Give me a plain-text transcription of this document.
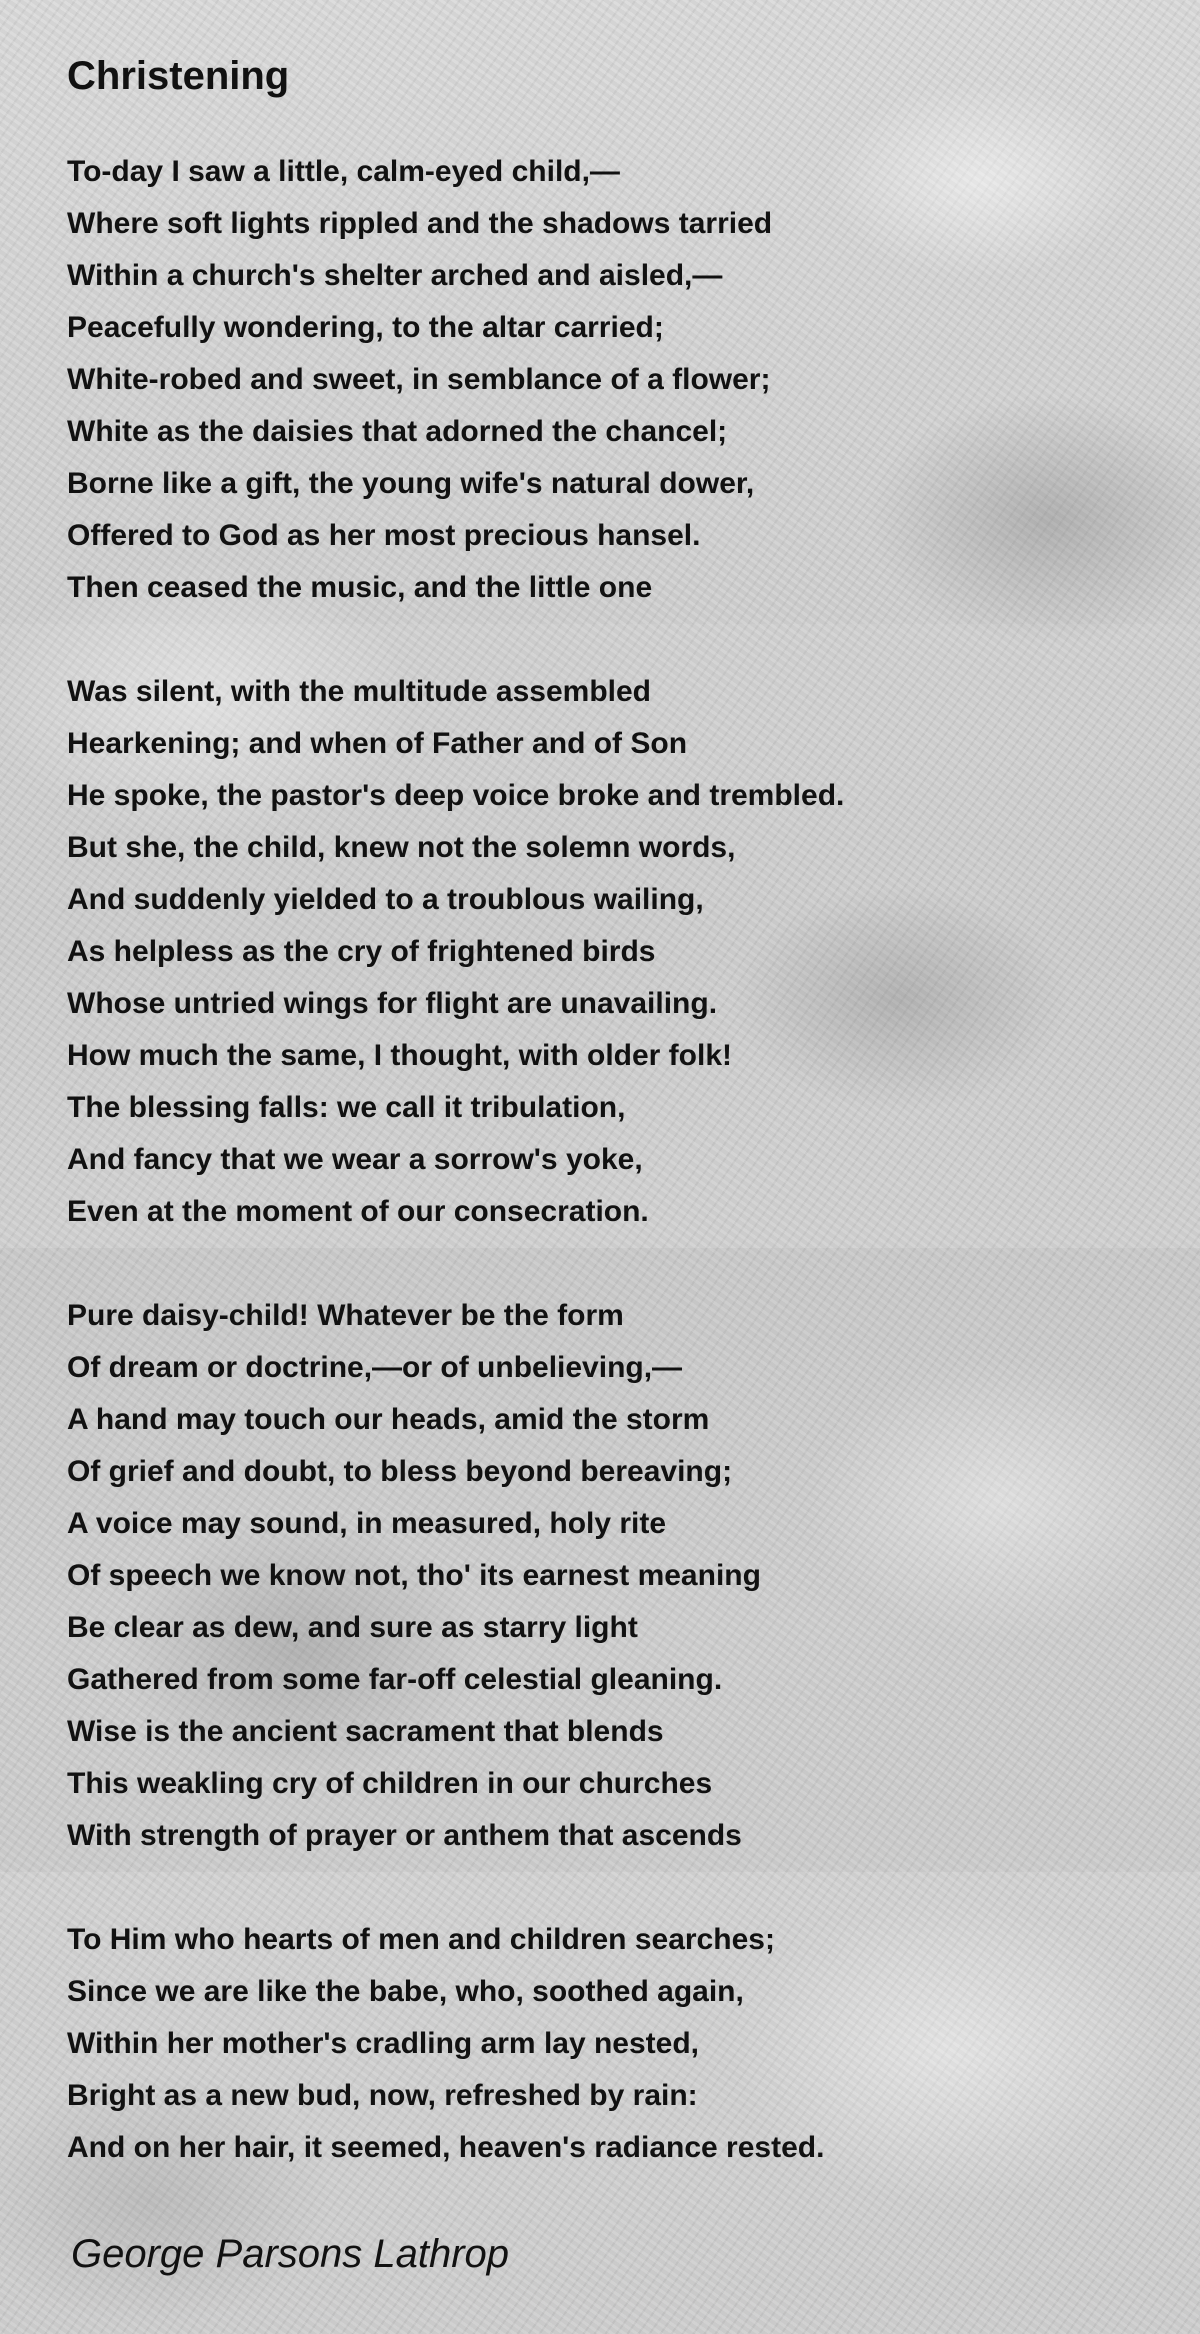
Christening
To-day I saw a little, calm-eyed child,—
Where soft lights rippled and the shadows tarried
Within a church's shelter arched and aisled,—
Peacefully wondering, to the altar carried;
White-robed and sweet, in semblance of a flower;
White as the daisies that adorned the chancel;
Borne like a gift, the young wife's natural dower,
Offered to God as her most precious hansel.
Then ceased the music, and the little one
Was silent, with the multitude assembled
Hearkening; and when of Father and of Son
He spoke, the pastor's deep voice broke and trembled.
But she, the child, knew not the solemn words,
And suddenly yielded to a troublous wailing,
As helpless as the cry of frightened birds
Whose untried wings for flight are unavailing.
How much the same, I thought, with older folk!
The blessing falls: we call it tribulation,
And fancy that we wear a sorrow's yoke,
Even at the moment of our consecration.
Pure daisy-child! Whatever be the form
Of dream or doctrine,—or of unbelieving,—
A hand may touch our heads, amid the storm
Of grief and doubt, to bless beyond bereaving;
A voice may sound, in measured, holy rite
Of speech we know not, tho' its earnest meaning
Be clear as dew, and sure as starry light
Gathered from some far-off celestial gleaning.
Wise is the ancient sacrament that blends
This weakling cry of children in our churches
With strength of prayer or anthem that ascends
To Him who hearts of men and children searches;
Since we are like the babe, who, soothed again,
Within her mother's cradling arm lay nested,
Bright as a new bud, now, refreshed by rain:
And on her hair, it seemed, heaven's radiance rested.
George Parsons Lathrop
